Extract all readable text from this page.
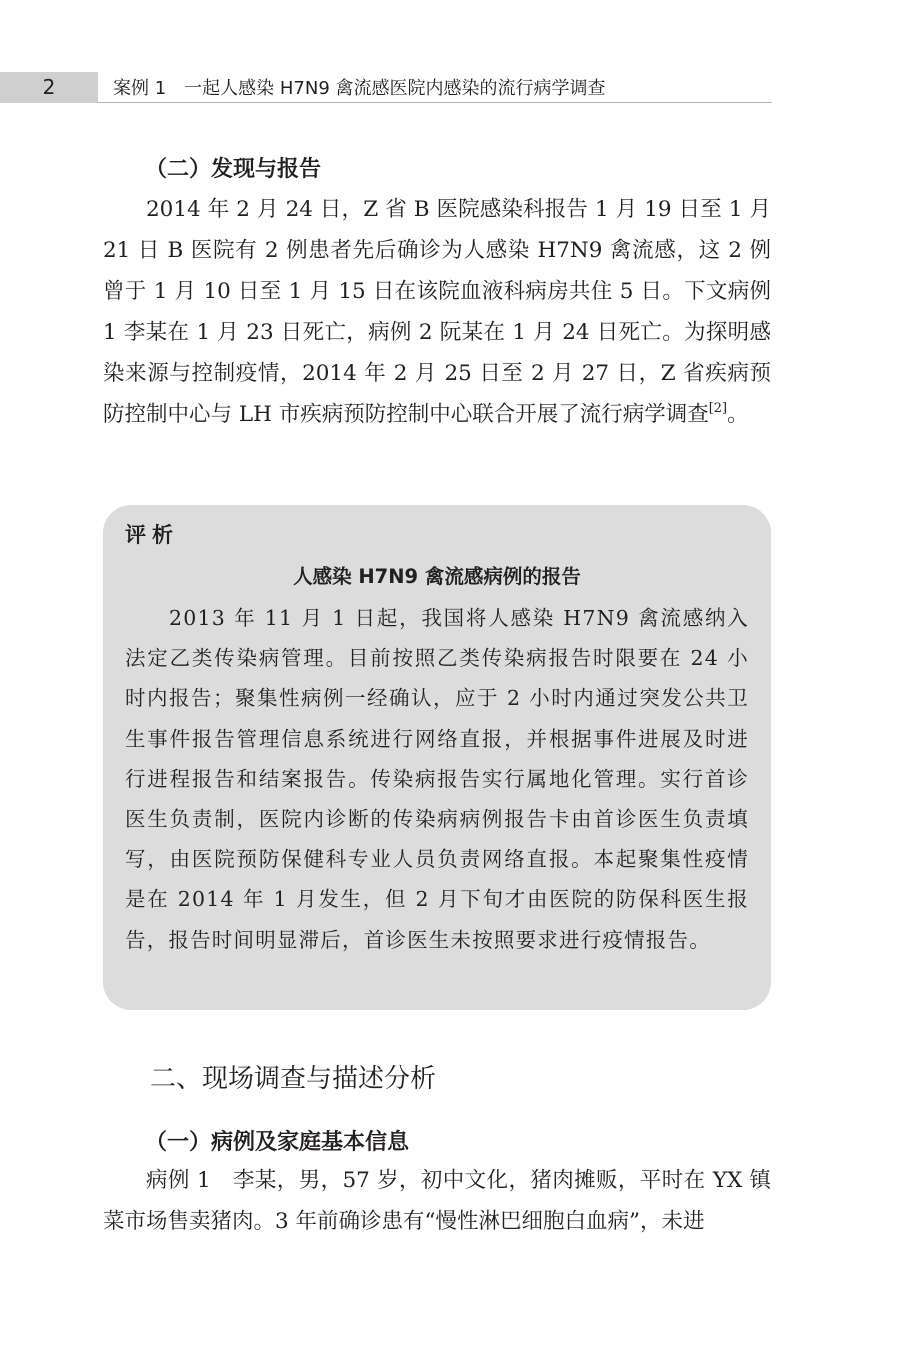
2	案例 1　一起人感染 H7N9 禽流感医院内感染的流行病学调查
（二）发现与报告

2014 年 2 月 24 日，Z 省 B 医院感染科报告 1 月 19 日至 1 月 21 日 B 医院有 2 例患者先后确诊为人感染 H7N9 禽流感，这 2 例曾于 1 月 10 日至 1 月 15 日在该院血液科病房共住 5 日。下文病例 1 李某在 1 月 23 日死亡，病例 2 阮某在 1 月 24 日死亡。为探明感染来源与控制疫情，2014 年 2 月 25 日至 2 月 27 日，Z 省疾病预防控制中心与 LH 市疾病预防控制中心联合开展了流行病学调查[2]。

评析
人感染 H7N9 禽流感病例的报告

2013 年 11 月 1 日起，我国将人感染 H7N9 禽流感纳入法定乙类传染病管理。目前按照乙类传染病报告时限要在 24 小时内报告；聚集性病例一经确认，应于 2 小时内通过突发公共卫生事件报告管理信息系统进行网络直报，并根据事件进展及时进行进程报告和结案报告。传染病报告实行属地化管理。实行首诊医生负责制，医院内诊断的传染病病例报告卡由首诊医生负责填写，由医院预防保健科专业人员负责网络直报。本起聚集性疫情是在 2014 年 1 月发生，但 2 月下旬才由医院的防保科医生报告，报告时间明显滞后，首诊医生未按照要求进行疫情报告。

二、现场调查与描述分析
（一）病例及家庭基本信息

病例 1　李某，男，57 岁，初中文化，猪肉摊贩，平时在 YX 镇菜市场售卖猪肉。3 年前确诊患有“慢性淋巴细胞白血病”，未进
